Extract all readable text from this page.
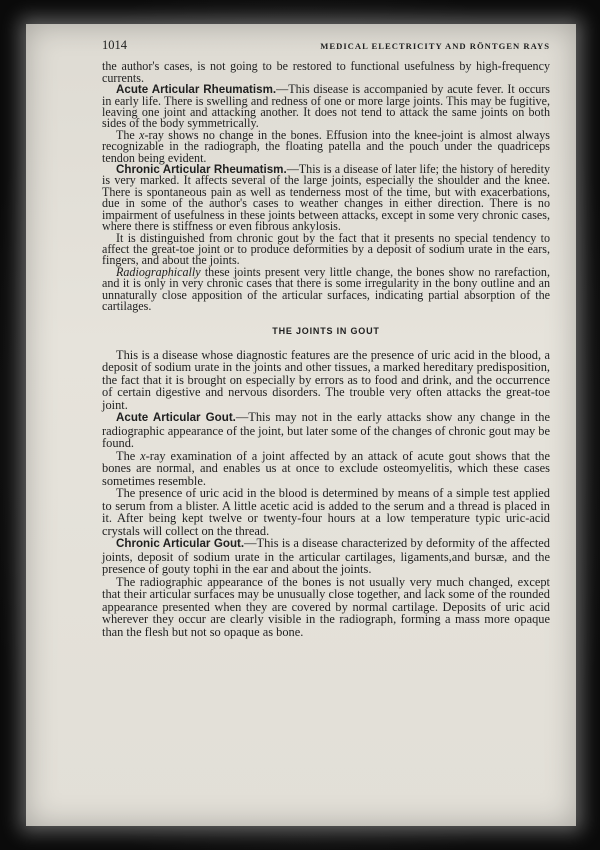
1014	MEDICAL ELECTRICITY AND RÖNTGEN RAYS

the author's cases, is not going to be restored to functional usefulness by high-frequency currents.

Acute Articular Rheumatism.—This disease is accompanied by acute fever. It occurs in early life. There is swelling and redness of one or more large joints. This may be fugitive, leaving one joint and attacking another. It does not tend to attack the same joints on both sides of the body symmetrically.

The x-ray shows no change in the bones. Effusion into the knee-joint is almost always recognizable in the radiograph, the floating patella and the pouch under the quadriceps tendon being evident.

Chronic Articular Rheumatism.—This is a disease of later life; the history of heredity is very marked. It affects several of the large joints, especially the shoulder and the knee. There is spontaneous pain as well as tenderness most of the time, but with exacerbations, due in some of the author's cases to weather changes in either direction. There is no impairment of usefulness in these joints between attacks, except in some very chronic cases, where there is stiffness or even fibrous ankylosis.

It is distinguished from chronic gout by the fact that it presents no special tendency to affect the great-toe joint or to produce deformities by a deposit of sodium urate in the ears, fingers, and about the joints.

Radiographically these joints present very little change, the bones show no rarefaction, and it is only in very chronic cases that there is some irregularity in the bony outline and an unnaturally close apposition of the articular surfaces, indicating partial absorption of the cartilages.

THE JOINTS IN GOUT

This is a disease whose diagnostic features are the presence of uric acid in the blood, a deposit of sodium urate in the joints and other tissues, a marked hereditary predisposition, the fact that it is brought on especially by errors as to food and drink, and the occurrence of certain digestive and nervous disorders. The trouble very often attacks the great-toe joint.

Acute Articular Gout.—This may not in the early attacks show any change in the radiographic appearance of the joint, but later some of the changes of chronic gout may be found.

The x-ray examination of a joint affected by an attack of acute gout shows that the bones are normal, and enables us at once to exclude osteomyelitis, which these cases sometimes resemble.

The presence of uric acid in the blood is determined by means of a simple test applied to serum from a blister. A little acetic acid is added to the serum and a thread is placed in it. After being kept twelve or twenty-four hours at a low temperature typic uric-acid crystals will collect on the thread.

Chronic Articular Gout.—This is a disease characterized by deformity of the affected joints, deposit of sodium urate in the articular cartilages, ligaments,and bursæ, and the presence of gouty tophi in the ear and about the joints.

The radiographic appearance of the bones is not usually very much changed, except that their articular surfaces may be unusually close together, and lack some of the rounded appearance presented when they are covered by normal cartilage. Deposits of uric acid wherever they occur are clearly visible in the radiograph, forming a mass more opaque than the flesh but not so opaque as bone.
